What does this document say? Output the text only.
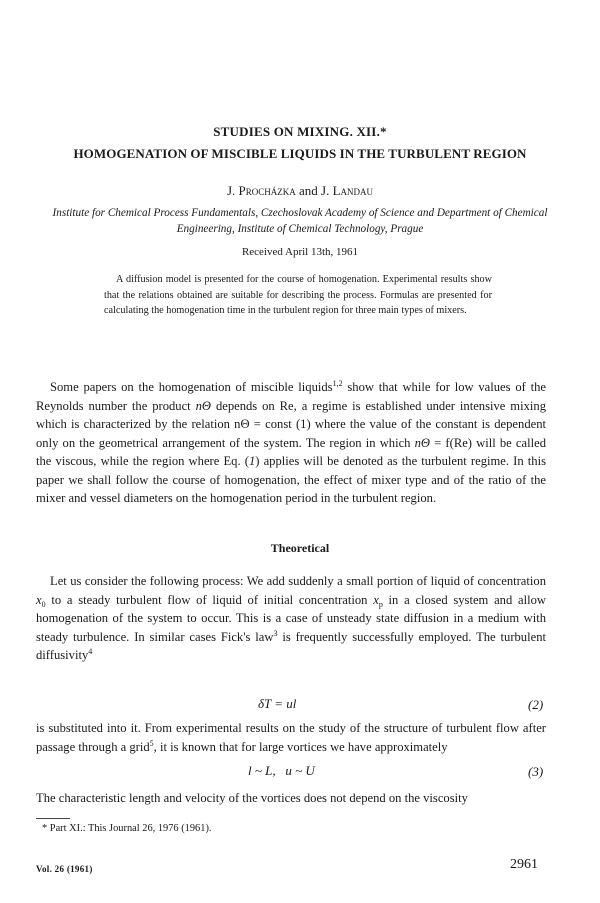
STUDIES ON MIXING. XII.*
HOMOGENATION OF MISCIBLE LIQUIDS IN THE TURBULENT REGION
J. Procházka and J. Landau
Institute for Chemical Process Fundamentals, Czechoslovak Academy of Science and Department of Chemical Engineering, Institute of Chemical Technology, Prague
Received April 13th, 1961
A diffusion model is presented for the course of homogenation. Experimental results show that the relations obtained are suitable for describing the process. Formulas are presented for calculating the homogenation time in the turbulent region for three main types of mixers.
Some papers on the homogenation of miscible liquids$^{1,2}$ show that while for low values of the Reynolds number the product nΘ depends on Re, a regime is established under intensive mixing which is characterized by the relation nΘ = const (1) where the value of the constant is dependent only on the geometrical arrangement of the system. The region in which nΘ = f(Re) will be called the viscous, while the region where Eq. (1) applies will be denoted as the turbulent regime. In this paper we shall follow the course of homogenation, the effect of mixer type and of the ratio of the mixer and vessel diameters on the homogenation period in the turbulent region.
Theoretical
Let us consider the following process: We add suddenly a small portion of liquid of concentration $x_0$ to a steady turbulent flow of liquid of initial concentration $x_p$ in a closed system and allow homogenation of the system to occur. This is a case of unsteady state diffusion in a medium with steady turbulence. In similar cases Fick's law$^3$ is frequently successfully employed. The turbulent diffusivity$^4$
δT = ul	(2)
is substituted into it. From experimental results on the study of the structure of turbulent flow after passage through a grid$^5$, it is known that for large vortices we have approximately
l ~ L,   u ~ U	(3)
The characteristic length and velocity of the vortices does not depend on the viscosity
* Part XI.: This Journal 26, 1976 (1961).
Vol. 26 (1961)	2961
